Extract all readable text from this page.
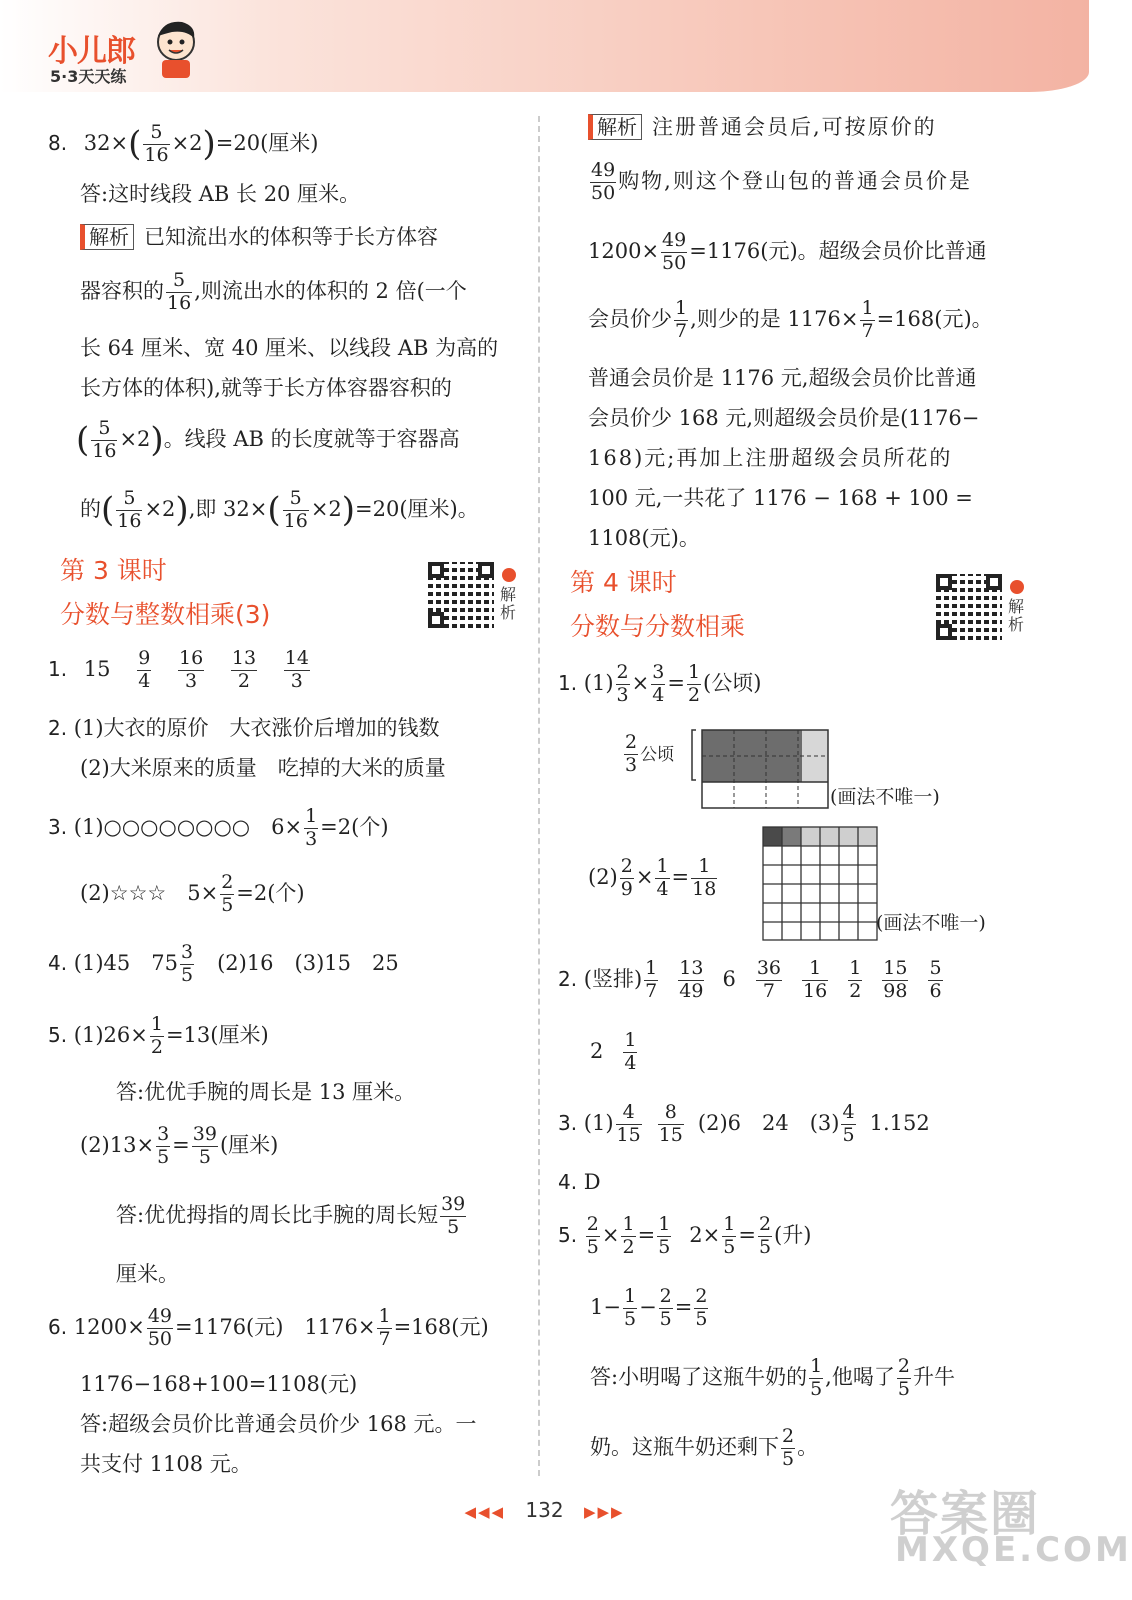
小儿郎
5·3天天练
8. $32\times( \frac{5}{16} \times 2)=20$(厘米)
答:这时线段 AB 长 20 厘米。
解析 已知流出水的体积等于长方体容
器容积的 $\frac{5}{16}$ ,则流出水的体积的 2 倍(一个
长 64 厘米、宽 40 厘米、以线段 AB 为高的
长方体的体积),就等于长方体容器容积的
( $\frac{5}{16} \times 2$)。线段 AB 的长度就等于容器高
的( $\frac{5}{16} \times 2$),即 $32\times( \frac{5}{16} \times 2)=20$(厘米)。
第 3 课时
分数与整数相乘(3)
解析
1. $15 \frac{9}{4}$
$\frac{16}{3}$
$\frac{13}{2}$
$\frac{14}{3}$
2. (1)大衣的原价　大衣涨价后增加的钱数
(2)大米原来的质量　吃掉的大米的质量
3. (1)○○○○○○○○　$6\times \frac{1}{3} =2$(个)
(2)☆☆☆　$5\times \frac{2}{5} =2$(个)
4. (1)45　$75 \frac{3}{5}$
　 (2)16　(3)15　25
5. $(1)26\times \frac{1}{2} =13$(厘米)
答:优优手腕的周长是 13 厘米。
$(2)13\times \frac{3}{5} = \frac{39}{5}$ (厘米)
答:优优拇指的周长比手腕的周长短 $\frac{39}{5}$
厘米。
6. $1200\times \frac{49}{50} =1176$(元)　$1176\times \frac{1}{7} =168$(元)
1176−168+100=1108(元)
答:超级会员价比普通会员价少 168 元。一
共支付 1108 元。
解析 注册普通会员后,可按原价的
$\frac{49}{50}$ 购物,则这个登山包的普通会员价是
$1200\times \frac{49}{50} =1176$(元)。超级会员价比普通
会员价少 $\frac{1}{7}$ ,则少的是 $1176\times \frac{1}{7} =168$(元)。
普通会员价是 1176 元,超级会员价比普通
会员价少 168 元,则超级会员价是(1176−
168)元;再加上注册超级会员所花的
100 元,一共花了 1176 − 168 + 100 =
1108(元)。
第 4 课时
分数与分数相乘
解析
1. $(1) \frac{2}{3} \times \frac{3}{4} = \frac{1}{2}$ (公顷)
$\frac{2}{3}$ 公顷
(画法不唯一)
$(2) \frac{2}{9} \times \frac{1}{4} = \frac{1}{18}$
(画法不唯一)
2. (竖排) $\frac{1}{7} \frac{13}{49} 6 \frac{36}{7} \frac{1}{16} \frac{1}{2} \frac{15}{98} \frac{5}{6}$
$2 \frac{1}{4}$
3. $(1) \frac{4}{15} \frac{8}{15} (2)6$　24　$(3) \frac{4}{5} 1.152$
4. D
5. $\frac{2}{5} \times \frac{1}{2} = \frac{1}{5} 2\times \frac{1}{5} = \frac{2}{5}$ (升)
$1- \frac{1}{5} - \frac{2}{5} = \frac{2}{5}$
答:小明喝了这瓶牛奶的 $\frac{1}{5}$ ,他喝了 $\frac{2}{5}$ 升牛
奶。这瓶牛奶还剩下 $\frac{2}{5}$ 。
◀◀◀ 132 ▶▶▶	答案圈
MXQE.COM
